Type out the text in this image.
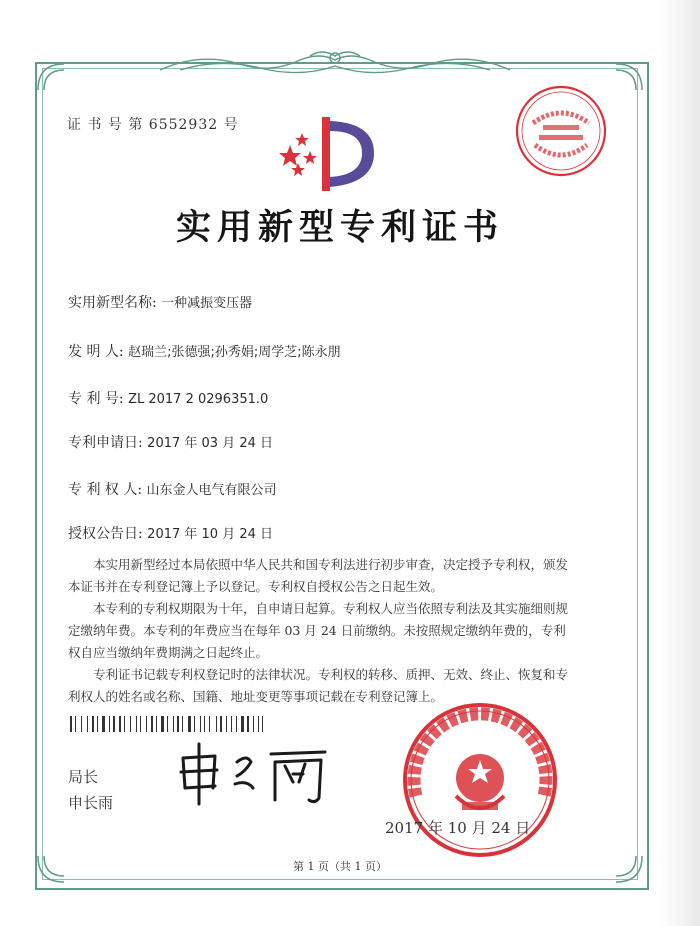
证 书 号 第 6552932 号
实用新型专利证书
实用新型名称: 一种减振变压器
发 明 人: 赵瑞兰;张德强;孙秀娟;周学芝;陈永朋
专 利 号: ZL 2017 2 0296351.0
专利申请日: 2017 年 03 月 24 日
专 利 权 人: 山东金人电气有限公司
授权公告日: 2017 年 10 月 24 日

本实用新型经过本局依照中华人民共和国专利法进行初步审查，决定授予专利权，颁发本证书并在专利登记簿上予以登记。专利权自授权公告之日起生效。

本专利的专利权期限为十年，自申请日起算。专利权人应当依照专利法及其实施细则规定缴纳年费。本专利的年费应当在每年 03 月 24 日前缴纳。未按照规定缴纳年费的，专利权自应当缴纳年费期满之日起终止。

专利证书记载专利权登记时的法律状况。专利权的转移、质押、无效、终止、恢复和专利权人的姓名或名称、国籍、地址变更等事项记载在专利登记簿上。

局长
申长雨
2017 年 10 月 24 日
第 1 页（共 1 页）
